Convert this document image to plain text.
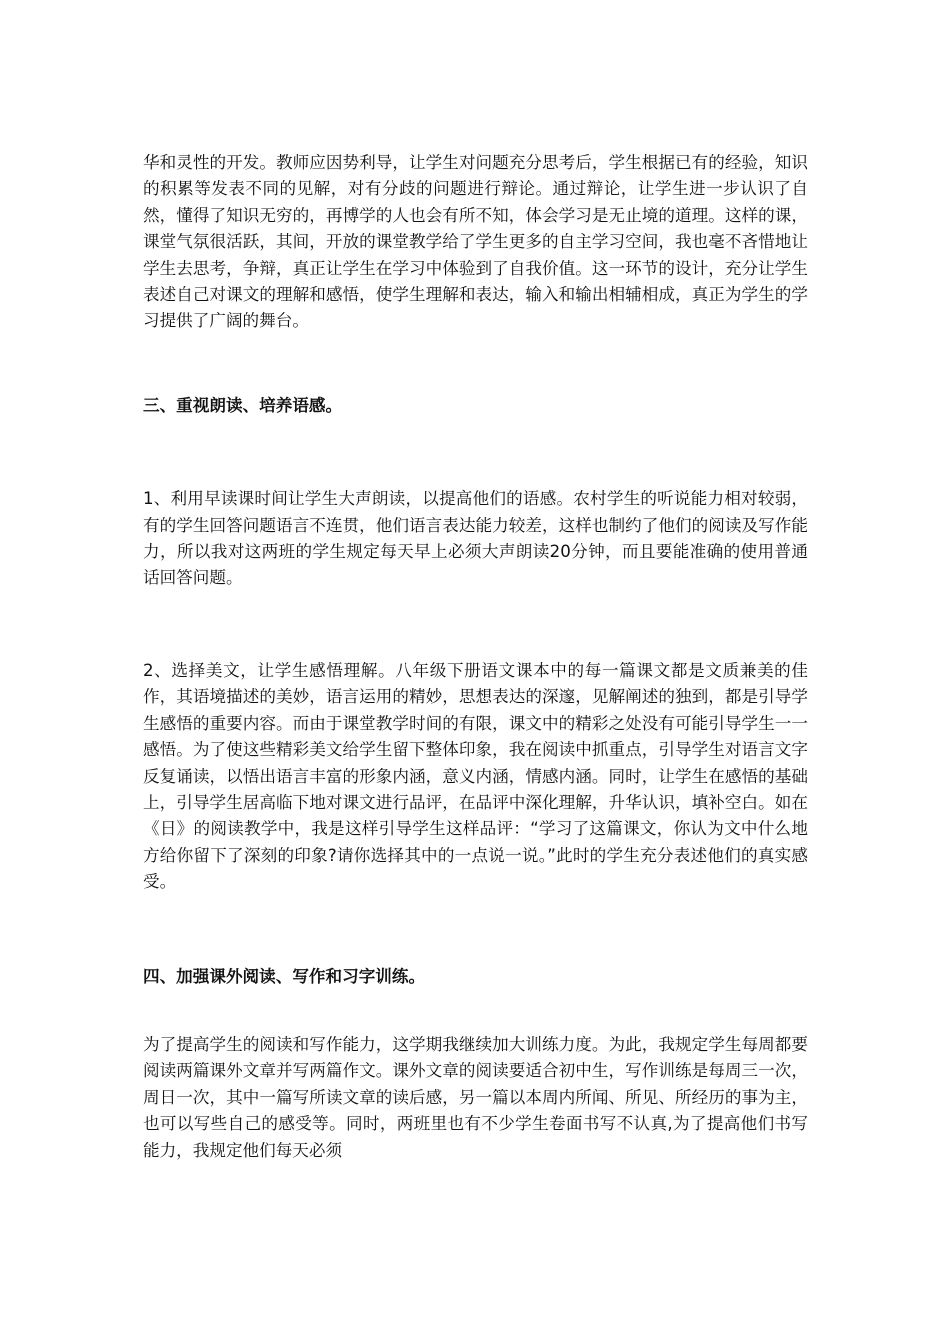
华和灵性的开发。教师应因势利导，让学生对问题充分思考后，学生根据已有的经验，知识的积累等发表不同的见解，对有分歧的问题进行辩论。通过辩论，让学生进一步认识了自然，懂得了知识无穷的，再博学的人也会有所不知，体会学习是无止境的道理。这样的课，课堂气氛很活跃，其间，开放的课堂教学给了学生更多的自主学习空间，我也毫不吝惜地让学生去思考，争辩，真正让学生在学习中体验到了自我价值。这一环节的设计，充分让学生表述自己对课文的理解和感悟，使学生理解和表达，输入和输出相辅相成，真正为学生的学习提供了广阔的舞台。

三、重视朗读、培养语感。

1、利用早读课时间让学生大声朗读，以提高他们的语感。农村学生的听说能力相对较弱，有的学生回答问题语言不连贯，他们语言表达能力较差，这样也制约了他们的阅读及写作能力，所以我对这两班的学生规定每天早上必须大声朗读20分钟，而且要能准确的使用普通话回答问题。

2、选择美文，让学生感悟理解。八年级下册语文课本中的每一篇课文都是文质兼美的佳作，其语境描述的美妙，语言运用的精妙，思想表达的深邃，见解阐述的独到，都是引导学生感悟的重要内容。而由于课堂教学时间的有限，课文中的精彩之处没有可能引导学生一一感悟。为了使这些精彩美文给学生留下整体印象，我在阅读中抓重点，引导学生对语言文字反复诵读，以悟出语言丰富的形象内涵，意义内涵，情感内涵。同时，让学生在感悟的基础上，引导学生居高临下地对课文进行品评，在品评中深化理解，升华认识，填补空白。如在《日》的阅读教学中，我是这样引导学生这样品评：“学习了这篇课文，你认为文中什么地方给你留下了深刻的印象?请你选择其中的一点说一说。”此时的学生充分表述他们的真实感受。

四、加强课外阅读、写作和习字训练。

为了提高学生的阅读和写作能力，这学期我继续加大训练力度。为此，我规定学生每周都要阅读两篇课外文章并写两篇作文。课外文章的阅读要适合初中生，写作训练是每周三一次，周日一次，其中一篇写所读文章的读后感，另一篇以本周内所闻、所见、所经历的事为主，也可以写些自己的感受等。同时，两班里也有不少学生卷面书写不认真,为了提高他们书写能力，我规定他们每天必须
